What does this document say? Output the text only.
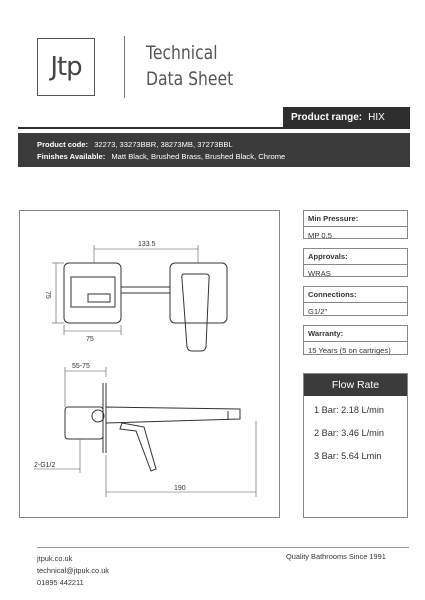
Jtp	Technical
Data Sheet
Product range: HIX
Product code: 32273, 33273BBR, 38273MB, 37273BBL
Finishes Available: Matt Black, Brushed Brass, Brushed Black, Chrome
133.5
75
75
55-75
2-G1/2
190
Min Pressure:
MP 0.5
Approvals:
WRAS
Connections:
G1/2"
Warranty:
15 Years (5 on cartriges)
Flow Rate
1 Bar: 2.18 L/min
2 Bar: 3.46 L/min
3 Bar: 5.64 Lmin
jtpuk.co.uk
technical@jtpuk.co.uk
01895 442211
Quality Bathrooms Since 1991
